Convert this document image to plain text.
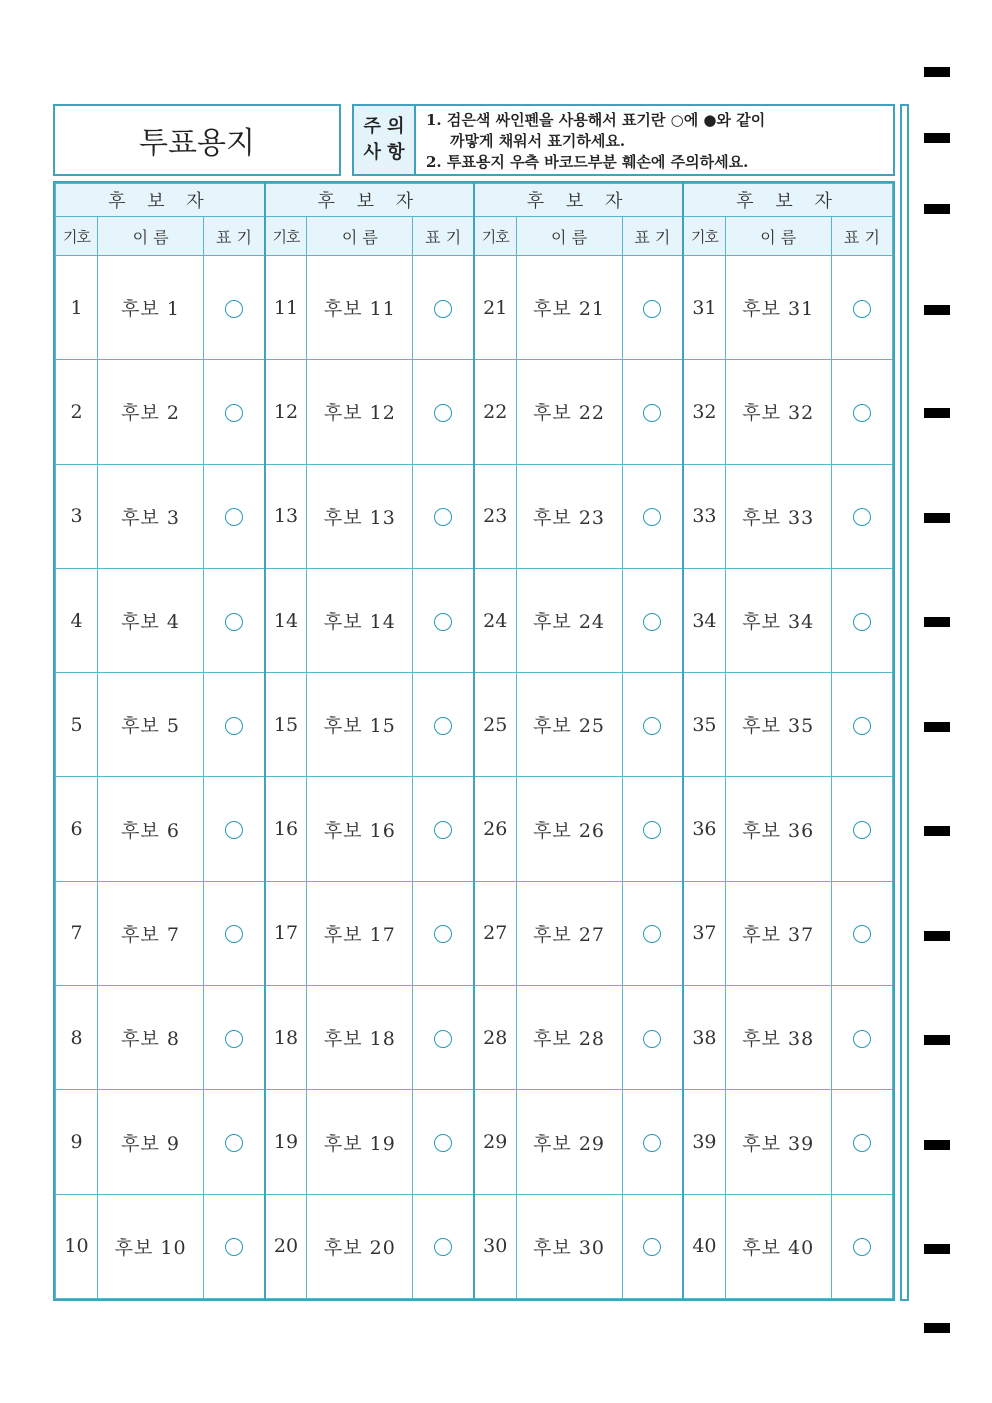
투표용지	주 의
사 항
1. 검은색 싸인펜을 사용해서 표기란 ○에 ●와 같이
까맣게 채워서 표기하세요.
2. 투표용지 우측 바코드부분 훼손에 주의하세요.
후 보 자			후 보 자			후 보 자			후 보 자		
기호	이 름	표 기	기호	이 름	표 기	기호	이 름	표 기	기호	이 름	표 기
1	후보 1		11	후보 11		21	후보 21		31	후보 31	
2	후보 2		12	후보 12		22	후보 22		32	후보 32	
3	후보 3		13	후보 13		23	후보 23		33	후보 33	
4	후보 4		14	후보 14		24	후보 24		34	후보 34	
5	후보 5		15	후보 15		25	후보 25		35	후보 35	
6	후보 6		16	후보 16		26	후보 26		36	후보 36	
7	후보 7		17	후보 17		27	후보 27		37	후보 37	
8	후보 8		18	후보 18		28	후보 28		38	후보 38	
9	후보 9		19	후보 19		29	후보 29		39	후보 39	
10	후보 10		20	후보 20		30	후보 30		40	후보 40	
